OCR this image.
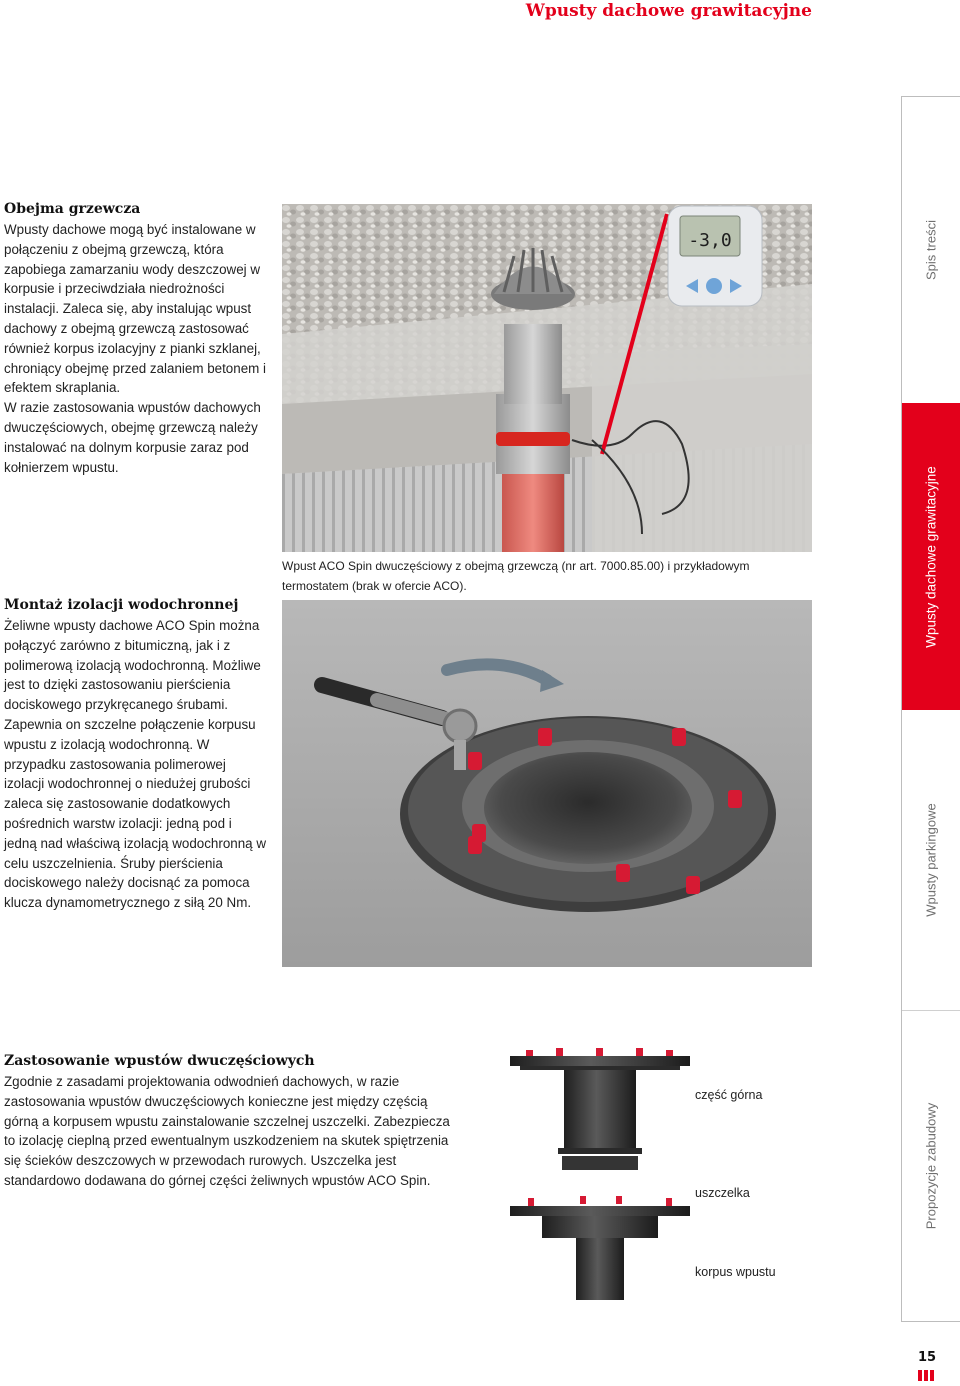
Wpusty dachowe grawitacyjne
Obejma grzewcza

Wpusty dachowe mogą być instalowane w połączeniu z obejmą grzewczą, która zapobiega zamarzaniu wody deszczowej w korpusie i przeciwdziała niedrożności instalacji. Zaleca się, aby instalując wpust dachowy z obejmą grzewczą zastosować również korpus izolacyjny z pianki szklanej, chroniący obejmę przed zalaniem betonem i efektem skraplania.

W razie zastosowania wpustów dachowych dwuczęściowych, obejmę grzewczą należy instalować na dolnym korpusie zaraz pod kołnierzem wpustu.

Montaż izolacji wodochronnej

Żeliwne wpusty dachowe ACO Spin można połączyć zarówno z bitumiczną, jak i z polimerową izolacją wodochronną. Możliwe jest to dzięki zastosowaniu pierścienia dociskowego przykręcanego śrubami. Zapewnia on szczelne połączenie korpusu wpustu z izolacją wodochronną. W przypadku zastosowania polimerowej izolacji wodochronnej o niedużej grubości zaleca się zastosowanie dodatkowych pośrednich warstw izolacji: jedną pod i jedną nad właściwą izolacją wodochronną w celu uszczelnienia. Śruby pierścienia dociskowego należy docisnąć za pomoca klucza dynamometrycznego z siłą 20 Nm.

-3,0
Wpust ACO Spin dwuczęściowy z obejmą grzewczą (nr art. 7000.85.00) i przykładowym termostatem (brak w ofercie ACO).
Zastosowanie wpustów dwuczęściowych

Zgodnie z zasadami projektowania odwodnień dachowych, w razie zastosowania wpustów dwuczęściowych konieczne jest między częścią górną a korpusem wpustu zainstalowanie szczelnej uszczelki. Zabezpiecza to izolację cieplną przed ewentualnym uszkodzeniem na skutek spiętrzenia się ścieków deszczowych w przewodach rurowych. Uszczelka jest standardowo dodawana do górnej części żeliwnych wpustów ACO Spin.

część górna
uszczelka
korpus wpustu
Spis treści
Wpusty dachowe grawitacyjne
Wpusty parkingowe
Propozycje zabudowy
15
